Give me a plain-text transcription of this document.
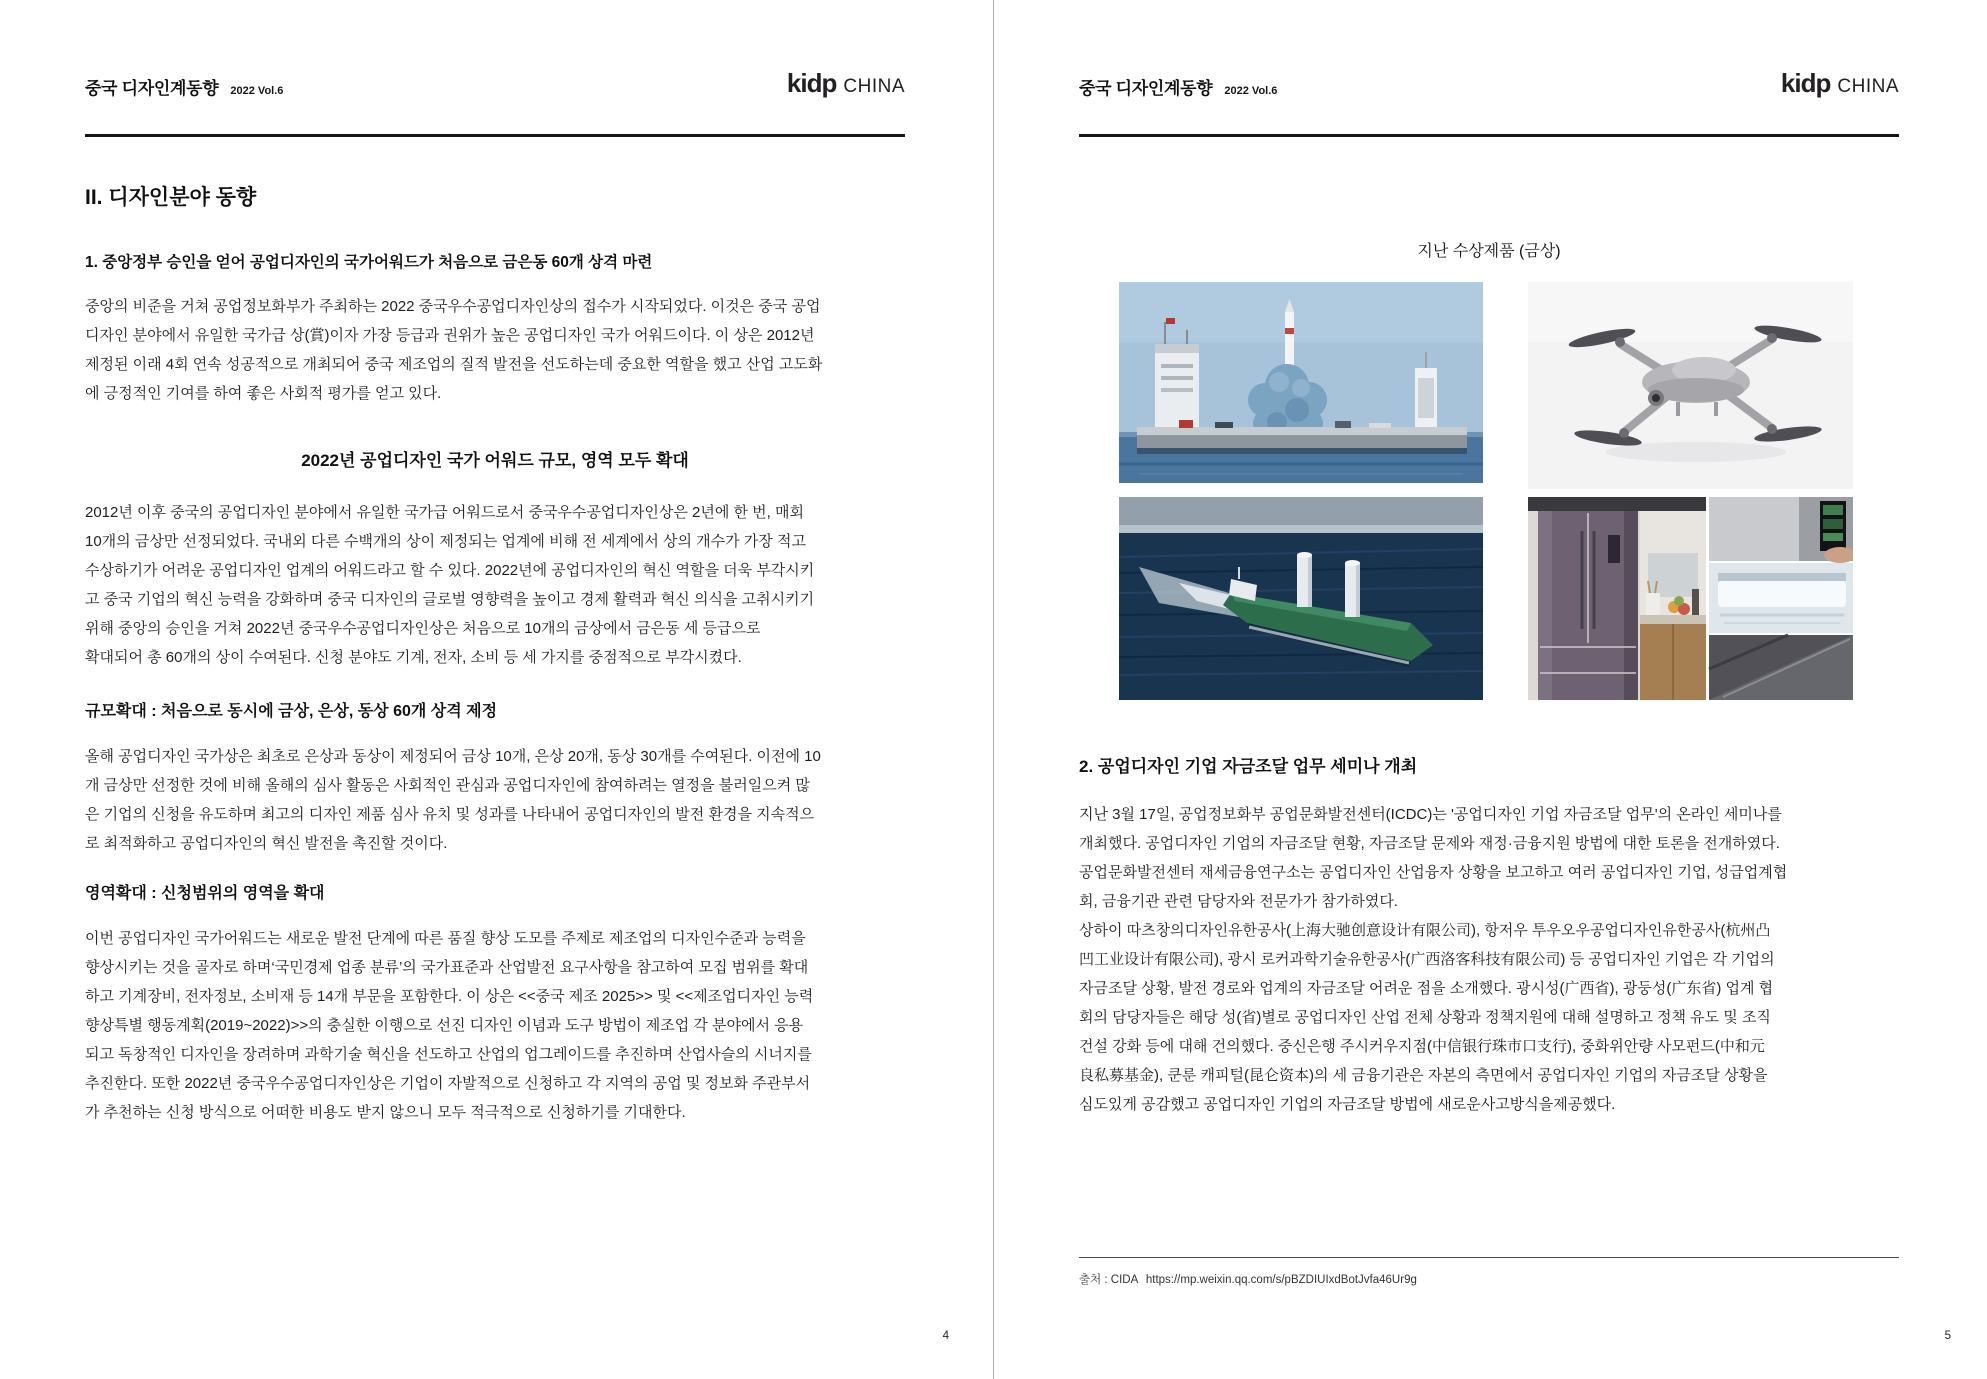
중국 디자인계동향 2022 Vol.6	kidp CHINA
II. 디자인분야 동향
1. 중앙정부 승인을 얻어 공업디자인의 국가어워드가 처음으로 금은동 60개 상격 마련
중앙의 비준을 거쳐 공업정보화부가 주최하는 2022 중국우수공업디자인상의 접수가 시작되었다. 이것은 중국 공업
디자인 분야에서 유일한 국가급 상(賞)이자 가장 등급과 권위가 높은 공업디자인 국가 어워드이다. 이 상은 2012년
제정된 이래 4회 연속 성공적으로 개최되어 중국 제조업의 질적 발전을 선도하는데 중요한 역할을 했고 산업 고도화
에 긍정적인 기여를 하여 좋은 사회적 평가를 얻고 있다.
2022년 공업디자인 국가 어워드 규모, 영역 모두 확대
2012년 이후 중국의 공업디자인 분야에서 유일한 국가급 어워드로서 중국우수공업디자인상은 2년에 한 번, 매회
10개의 금상만 선정되었다. 국내외 다른 수백개의 상이 제정되는 업계에 비해 전 세계에서 상의 개수가 가장 적고
수상하기가 어려운 공업디자인 업계의 어워드라고 할 수 있다. 2022년에 공업디자인의 혁신 역할을 더욱 부각시키
고 중국 기업의 혁신 능력을 강화하며 중국 디자인의 글로벌 영향력을 높이고 경제 활력과 혁신 의식을 고취시키기
위해 중앙의 승인을 거쳐 2022년 중국우수공업디자인상은 처음으로 10개의 금상에서 금은동 세 등급으로
확대되어 총 60개의 상이 수여된다. 신청 분야도 기계, 전자, 소비 등 세 가지를 중점적으로 부각시켰다.
규모확대 : 처음으로 동시에 금상, 은상, 동상 60개 상격 제정
올해 공업디자인 국가상은 최초로 은상과 동상이 제정되어 금상 10개, 은상 20개, 동상 30개를 수여된다. 이전에 10
개 금상만 선정한 것에 비해 올해의 심사 활동은 사회적인 관심과 공업디자인에 참여하려는 열정을 불러일으켜 많
은 기업의 신청을 유도하며 최고의 디자인 제품 심사 유치 및 성과를 나타내어 공업디자인의 발전 환경을 지속적으
로 최적화하고 공업디자인의 혁신 발전을 촉진할 것이다.
영역확대 : 신청범위의 영역을 확대
이번 공업디자인 국가어워드는 새로운 발전 단계에 따른 품질 향상 도모를 주제로 제조업의 디자인수준과 능력을
향상시키는 것을 골자로 하며‘국민경제 업종 분류’의 국가표준과 산업발전 요구사항을 참고하여 모집 범위를 확대
하고 기계장비, 전자정보, 소비재 등 14개 부문을 포함한다. 이 상은 <<중국 제조 2025>> 및 <<제조업디자인 능력
향상특별 행동계획(2019~2022)>>의 충실한 이행으로 선진 디자인 이념과 도구 방법이 제조업 각 분야에서 응용
되고 독창적인 디자인을 장려하며 과학기술 혁신을 선도하고 산업의 업그레이드를 추진하며 산업사슬의 시너지를
추진한다. 또한 2022년 중국우수공업디자인상은 기업이 자발적으로 신청하고 각 지역의 공업 및 정보화 주관부서
가 추천하는 신청 방식으로 어떠한 비용도 받지 않으니 모두 적극적으로 신청하기를 기대한다.
4
중국 디자인계동향 2022 Vol.6	kidp CHINA
지난 수상제품 (금상)
2. 공업디자인 기업 자금조달 업무 세미나 개최
지난 3월 17일, 공업정보화부 공업문화발전센터(ICDC)는 '공업디자인 기업 자금조달 업무'의 온라인 세미나를
개최했다. 공업디자인 기업의 자금조달 현황, 자금조달 문제와 재정·금융지원 방법에 대한 토론을 전개하였다.
공업문화발전센터 재세금융연구소는 공업디자인 산업융자 상황을 보고하고 여러 공업디자인 기업, 성급업계협
회, 금융기관 관련 담당자와 전문가가 참가하였다.
상하이 따츠창의디자인유한공사(上海大驰创意设计有限公司), 항저우 투우오우공업디자인유한공사(杭州凸
凹工业设计有限公司), 광시 로커과학기술유한공사(广西洛客科技有限公司) 등 공업디자인 기업은 각 기업의
자금조달 상황, 발전 경로와 업계의 자금조달 어려운 점을 소개했다. 광시성(广西省), 광둥성(广东省) 업계 협
회의 담당자들은 해당 성(省)별로 공업디자인 산업 전체 상황과 정책지원에 대해 설명하고 정책 유도 및 조직
건설 강화 등에 대해 건의했다. 중신은행 주시커우지점(中信银行珠市口支行), 중화위안량 사모펀드(中和元
良私募基金), 쿤룬 캐피털(昆仑资本)의 세 금융기관은 자본의 측면에서 공업디자인 기업의 자금조달 상황을
심도있게 공감했고 공업디자인 기업의 자금조달 방법에 새로운사고방식을제공했다.
출처 : CIDA https://mp.weixin.qq.com/s/pBZDIUIxdBotJvfa46Ur9g
5
